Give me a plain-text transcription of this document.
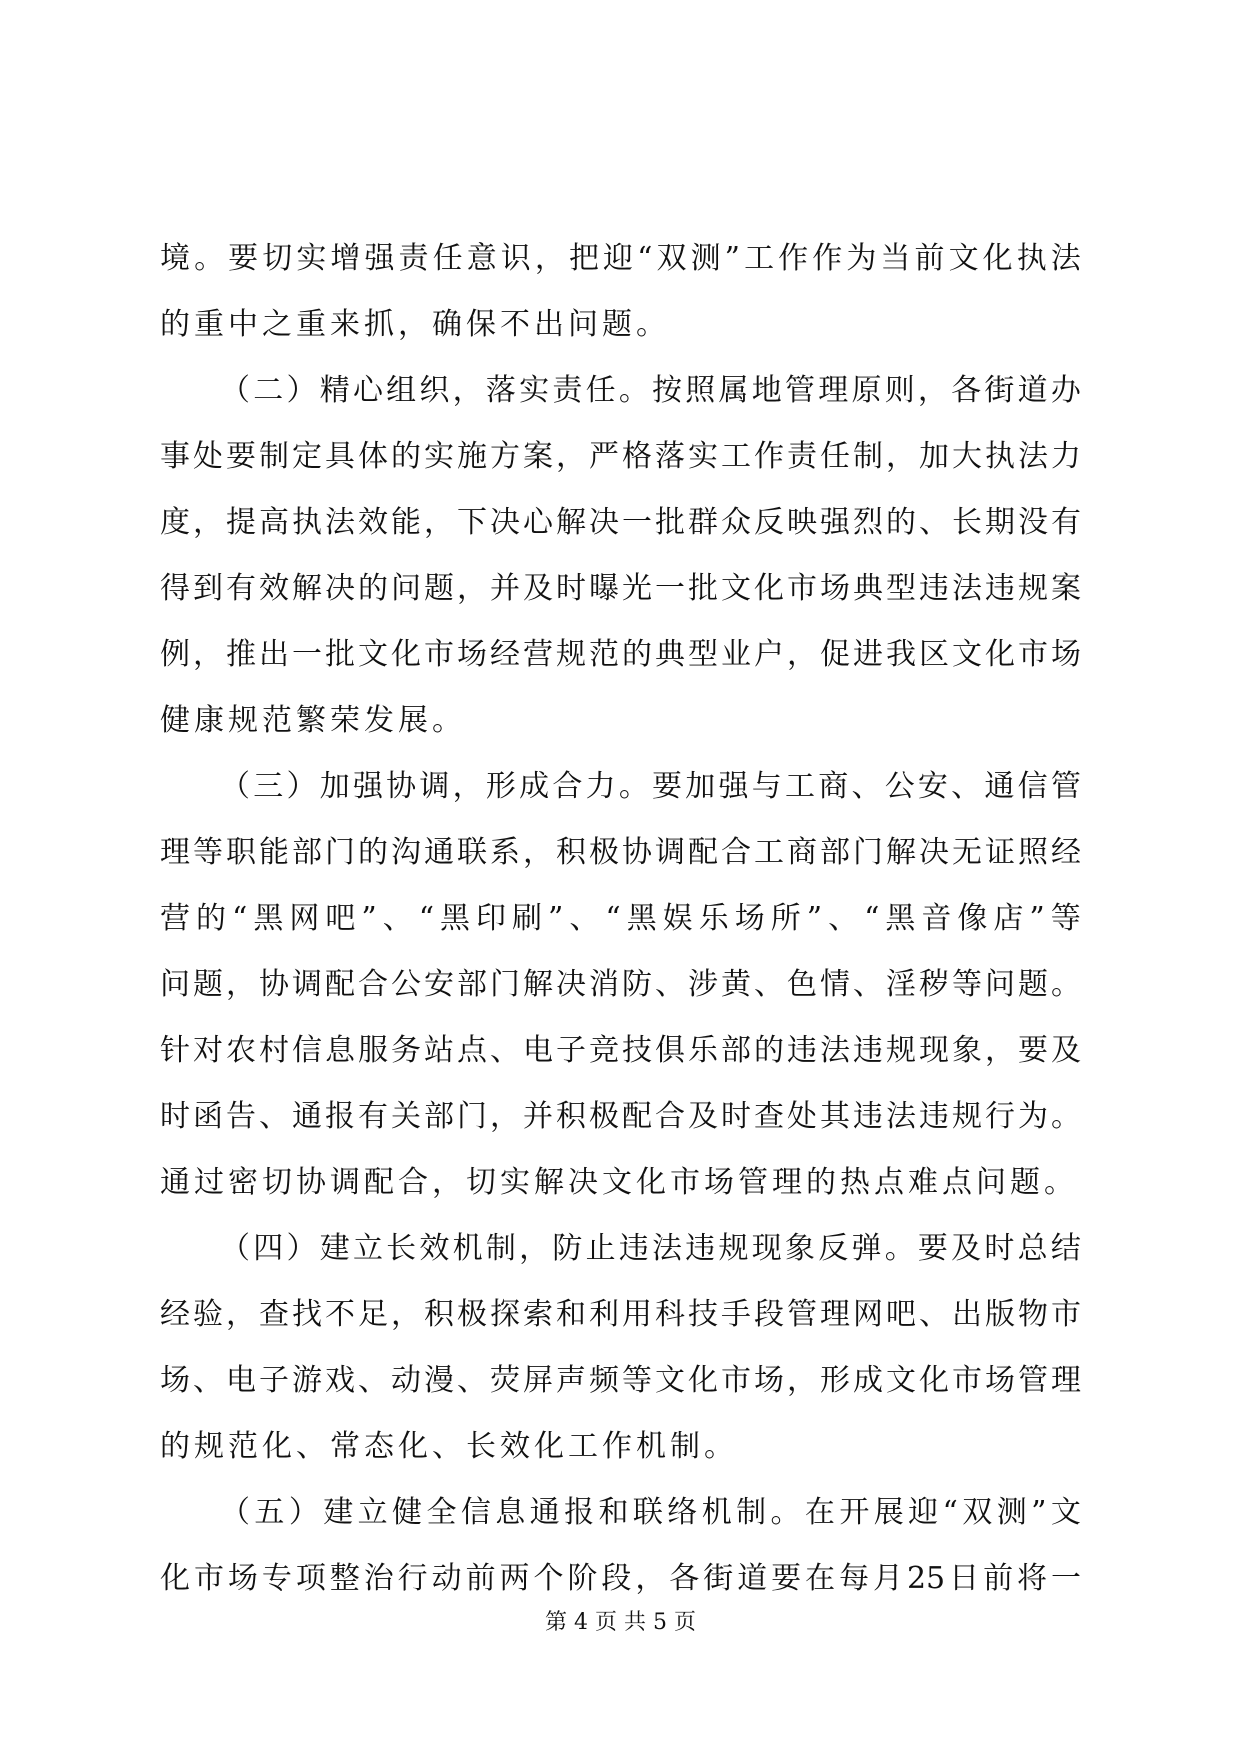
境 。 要 切 实 增 强 责 任 意 识 ， 把 迎 “ 双 测 ” 工 作 作 为 当 前 文 化 执 法
的重中之重来抓，确保不出问题。
（ 二 ） 精 心 组 织 ， 落 实 责 任 。 按 照 属 地 管 理 原 则 ， 各 街 道 办
事 处 要 制 定 具 体 的 实 施 方 案 ， 严 格 落 实 工 作 责 任 制 ， 加 大 执 法 力
度 ， 提 高 执 法 效 能 ， 下 决 心 解 决 一 批 群 众 反 映 强 烈 的 、 长 期 没 有
得 到 有 效 解 决 的 问 题 ， 并 及 时 曝 光 一 批 文 化 市 场 典 型 违 法 违 规 案
例 ， 推 出 一 批 文 化 市 场 经 营 规 范 的 典 型 业 户 ， 促 进 我 区 文 化 市 场
健康规范繁荣发展。
（ 三 ） 加 强 协 调 ， 形 成 合 力 。 要 加 强 与 工 商 、 公 安 、 通 信 管
理 等 职 能 部 门 的 沟 通 联 系 ， 积 极 协 调 配 合 工 商 部 门 解 决 无 证 照 经
营 的 “ 黑 网 吧 ” 、 “ 黑 印 刷 ” 、 “ 黑 娱 乐 场 所 ” 、 “ 黑 音 像 店 ” 等
问 题 ， 协 调 配 合 公 安 部 门 解 决 消 防 、 涉 黄 、 色 情 、 淫 秽 等 问 题 。
针 对 农 村 信 息 服 务 站 点 、 电 子 竞 技 俱 乐 部 的 违 法 违 规 现 象 ， 要 及
时 函 告 、 通 报 有 关 部 门 ， 并 积 极 配 合 及 时 查 处 其 违 法 违 规 行 为 。
通过密切协调配合，切实解决文化市场管理的热点难点问题。
（ 四 ） 建 立 长 效 机 制 ， 防 止 违 法 违 规 现 象 反 弹 。 要 及 时 总 结
经 验 ， 查 找 不 足 ， 积 极 探 索 和 利 用 科 技 手 段 管 理 网 吧 、 出 版 物 市
场 、 电 子 游 戏 、 动 漫 、 荧 屏 声 频 等 文 化 市 场 ， 形 成 文 化 市 场 管 理
的规范化、常态化、长效化工作机制。
（ 五 ） 建 立 健 全 信 息 通 报 和 联 络 机 制 。 在 开 展 迎 “ 双 测 ” 文
化 市 场 专 项 整 治 行 动 前 两 个 阶 段 ， 各 街 道 要 在 每 月 25 日 前 将 一
第 4 页 共 5 页
